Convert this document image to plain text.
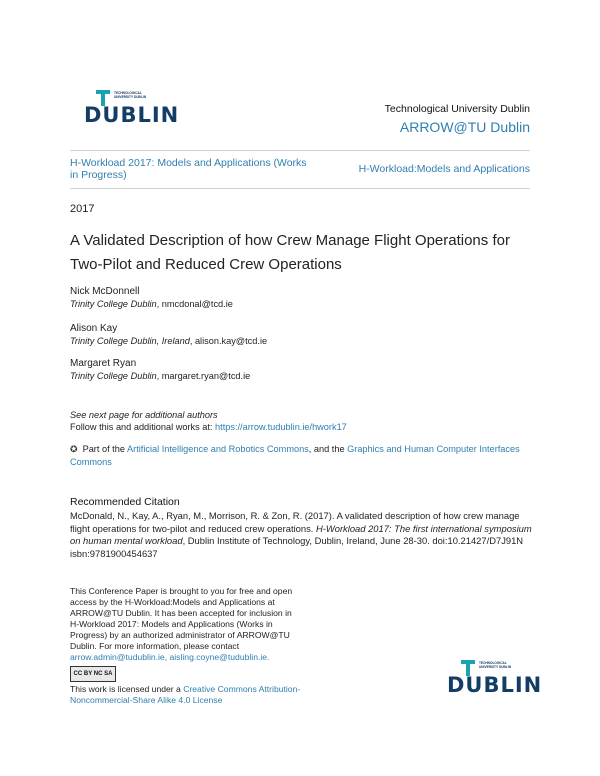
TECHNOLOGICAL
UNIVERSITY DUBLIN
DUBLIN	Technological University Dublin
ARROW@TU Dublin
H-Workload 2017: Models and Applications (Works in Progress)	H-Workload:Models and Applications
2017
A Validated Description of how Crew Manage Flight Operations for Two-Pilot and Reduced Crew Operations
Nick McDonnell
Trinity College Dublin, nmcdonal@tcd.ie
Alison Kay
Trinity College Dublin, Ireland, alison.kay@tcd.ie
Margaret Ryan
Trinity College Dublin, margaret.ryan@tcd.ie
See next page for additional authors
Follow this and additional works at: https://arrow.tudublin.ie/hwork17
✪ Part of the Artificial Intelligence and Robotics Commons, and the Graphics and Human Computer Interfaces Commons
Recommended Citation
McDonald, N., Kay, A., Ryan, M., Morrison, R. & Zon, R. (2017). A validated description of how crew manage flight operations for two-pilot and reduced crew operations. H-Workload 2017: The first international symposium on human mental workload, Dublin Institute of Technology, Dublin, Ireland, June 28-30. doi:10.21427/D7J91N isbn:9781900454637
This Conference Paper is brought to you for free and open access by the H-Workload:Models and Applications at ARROW@TU Dublin. It has been accepted for inclusion in H-Workload 2017: Models and Applications (Works in Progress) by an authorized administrator of ARROW@TU Dublin. For more information, please contact arrow.admin@tudublin.ie, aisling.coyne@tudublin.ie.
CC BY NC SA
This work is licensed under a Creative Commons Attribution-Noncommercial-Share Alike 4.0 License
TECHNOLOGICAL
UNIVERSITY DUBLIN
DUBLIN
